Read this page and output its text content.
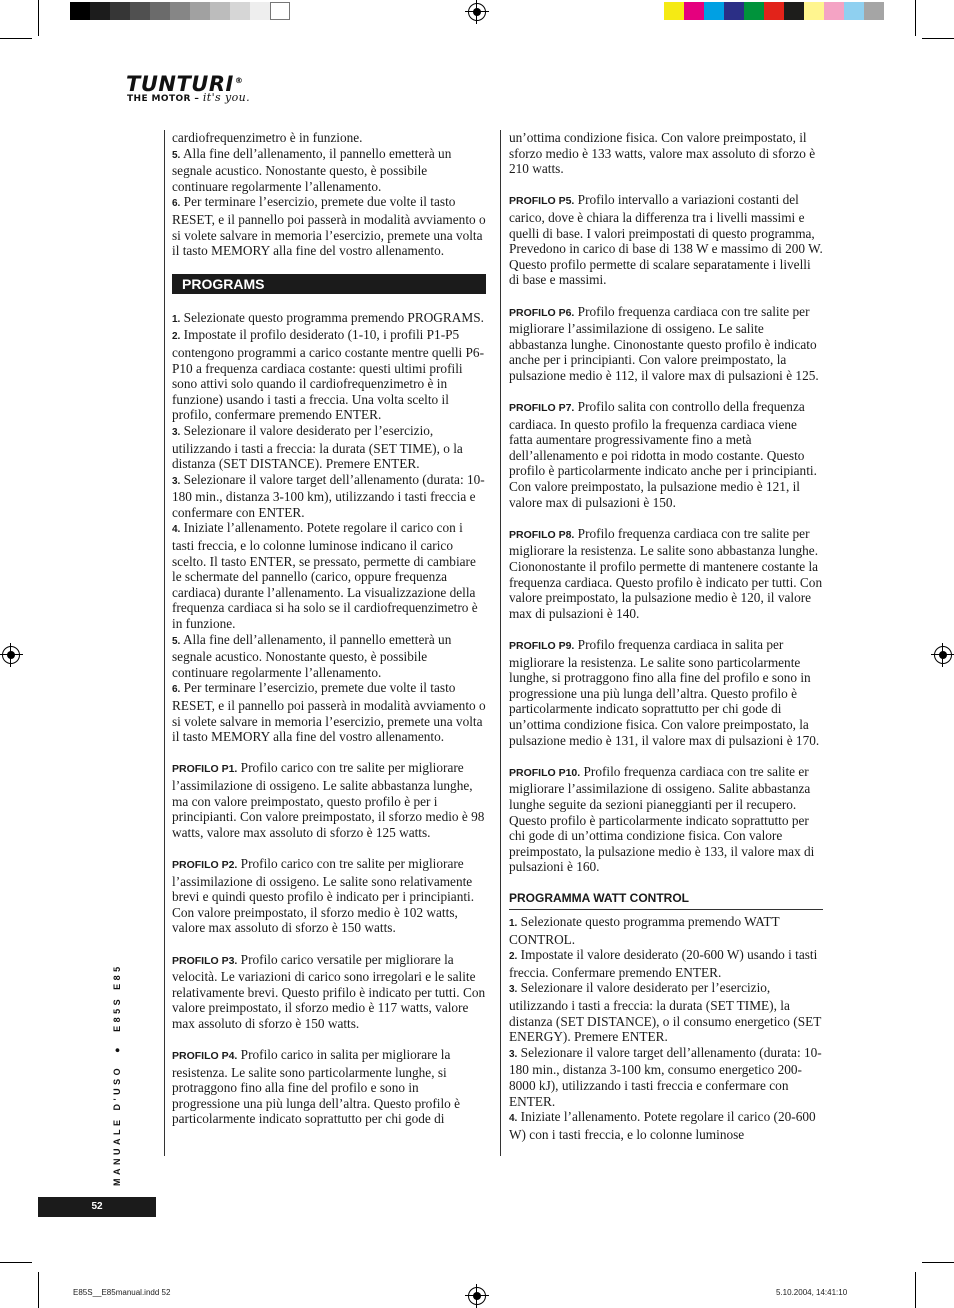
TUNTURI®
THE MOTOR – it's you.

cardiofrequenzimetro è in funzione.

5. Alla fine dell’allenamento, il pannello emetterà un segnale acustico. Nonostante questo, è possibile continuare regolarmente l’allenamento.

6. Per terminare l’esercizio, premete due volte il tasto RESET, e il pannello poi passerà in modalità avviamento o si volete salvare in memoria l’esercizio, premete una volta il tasto MEMORY alla fine del vostro allenamento.

PROGRAMS

1. Selezionate questo programma premendo PROGRAMS.

2. Impostate il profilo desiderato (1-10, i profili P1-P5 contengono programmi a carico costante mentre quelli P6-P10 a frequenza cardiaca costante: questi ultimi profili sono attivi solo quando il cardiofrequenzimetro è in funzione) usando i tasti a freccia. Una volta scelto il profilo, confermare premendo ENTER.

3. Selezionare il valore desiderato per l’esercizio, utilizzando i tasti a freccia: la durata (SET TIME), o la distanza (SET DISTANCE). Premere ENTER.

3. Selezionare il valore target dell’allenamento (durata: 10-180 min., distanza 3-100 km), utilizzando i tasti freccia e confermare con ENTER.

4. Iniziate l’allenamento. Potete regolare il carico con i tasti freccia, e lo colonne luminose indicano il carico scelto. Il tasto ENTER, se pressato, permette di cambiare le schermate del pannello (carico, oppure frequenza cardiaca) durante l’allenamento. La visualizzazione della frequenza cardiaca si ha solo se il cardiofrequenzimetro è in funzione.

5. Alla fine dell’allenamento, il pannello emetterà un segnale acustico. Nonostante questo, è possibile continuare regolarmente l’allenamento.

6. Per terminare l’esercizio, premete due volte il tasto RESET, e il pannello poi passerà in modalità avviamento o si volete salvare in memoria l’esercizio, premete una volta il tasto MEMORY alla fine del vostro allenamento.

PROFILO P1. Profilo carico con tre salite per migliorare l’assimilazione di ossigeno. Le salite abbastanza lunghe, ma con valore preimpostato, questo profilo è per i principianti. Con valore preimpostato, il sforzo medio è 98 watts, valore max assoluto di sforzo è 125 watts.

PROFILO P2. Profilo carico con tre salite per migliorare l’assimilazione di ossigeno. Le salite sono relativamente brevi e quindi questo profilo è indicato per i principianti. Con valore preimpostato, il sforzo medio è 102 watts, valore max assoluto di sforzo è 150 watts.

PROFILO P3. Profilo carico versatile per migliorare la velocità. Le variazioni di carico sono irregolari e le salite relativamente brevi. Questo prifilo è indicato per tutti. Con valore preimpostato, il sforzo medio è 117 watts, valore max assoluto di sforzo è 150 watts.

PROFILO P4. Profilo carico in salita per migliorare la resistenza. Le salite sono particolarmente lunghe, si protraggono fino alla fine del profilo e sono in progressione una più lunga dell’altra. Questo profilo è particolarmente indicato soprattutto per chi gode di

un’ottima condizione fisica. Con valore preimpostato, il sforzo medio è 133 watts, valore max assoluto di sforzo è 210 watts.

PROFILO P5. Profilo intervallo a variazioni costanti del carico, dove è chiara la differenza tra i livelli massimi e quelli di base. I valori preimpostati di questo programma, Prevedono in carico di base di 138 W e massimo di 200 W. Questo profilo permette di scalare separatamente i livelli di base e massimi.

PROFILO P6. Profilo frequenza cardiaca con tre salite per migliorare l’assimilazione di ossigeno. Le salite abbastanza lunghe. Cinonostante questo profilo è indicato anche per i principianti. Con valore preimpostato, la pulsazione medio è 112, il valore max di pulsazioni è 125.

PROFILO P7. Profilo salita con controllo della frequenza cardiaca. In questo profilo la frequenza cardiaca viene fatta aumentare progressivamente fino a metà dell’allenamento e poi ridotta in modo costante. Questo profilo è particolarmente indicato anche per i principianti. Con valore preimpostato, la pulsazione medio è 121, il valore max di pulsazioni è 150.

PROFILO P8. Profilo frequenza cardiaca con tre salite per migliorare la resistenza. Le salite sono abbastanza lunghe. Ciononostante il profilo permette di mantenere costante la frequenza cardiaca. Questo profilo è indicato per tutti. Con valore preimpostato, la pulsazione medio è 120, il valore max di pulsazioni è 140.

PROFILO P9. Profilo frequenza cardiaca in salita per migliorare la resistenza. Le salite sono particolarmente lunghe, si protraggono fino alla fine del profilo e sono in progressione una più lunga dell’altra. Questo profilo è particolarmente indicato soprattutto per chi gode di un’ottima condizione fisica. Con valore preimpostato, la pulsazione medio è 131, il valore max di pulsazioni è 170.

PROFILO P10. Profilo frequenza cardiaca con tre salite er migliorare l’assimilazione di ossigeno. Salite abbastanza lunghe seguite da sezioni pianeggianti per il recupero. Questo profilo è particolarmente indicato soprattutto per chi gode di un’ottima condizione fisica. Con valore preimpostato, la pulsazione medio è 133, il valore max di pulsazioni è 160.

PROGRAMMA WATT CONTROL

1. Selezionate questo programma premendo WATT CONTROL.

2. Impostate il valore desiderato (20-600 W) usando i tasti freccia. Confermare premendo ENTER.

3. Selezionare il valore desiderato per l’esercizio, utilizzando i tasti a freccia: la durata (SET TIME), la distanza (SET DISTANCE), o il consumo energetico (SET ENERGY). Premere ENTER.

3. Selezionare il valore target dell’allenamento (durata: 10-180 min., distanza 3-100 km, consumo energetico 200-8000 kJ), utilizzando i tasti freccia e confermare con ENTER.

4. Iniziate l’allenamento. Potete regolare il carico (20-600 W) con i tasti freccia, e lo colonne luminose

MANUALE D'USO  ●  E85S E85
52
E85S__E85manual.indd 52	5.10.2004, 14:41:10
